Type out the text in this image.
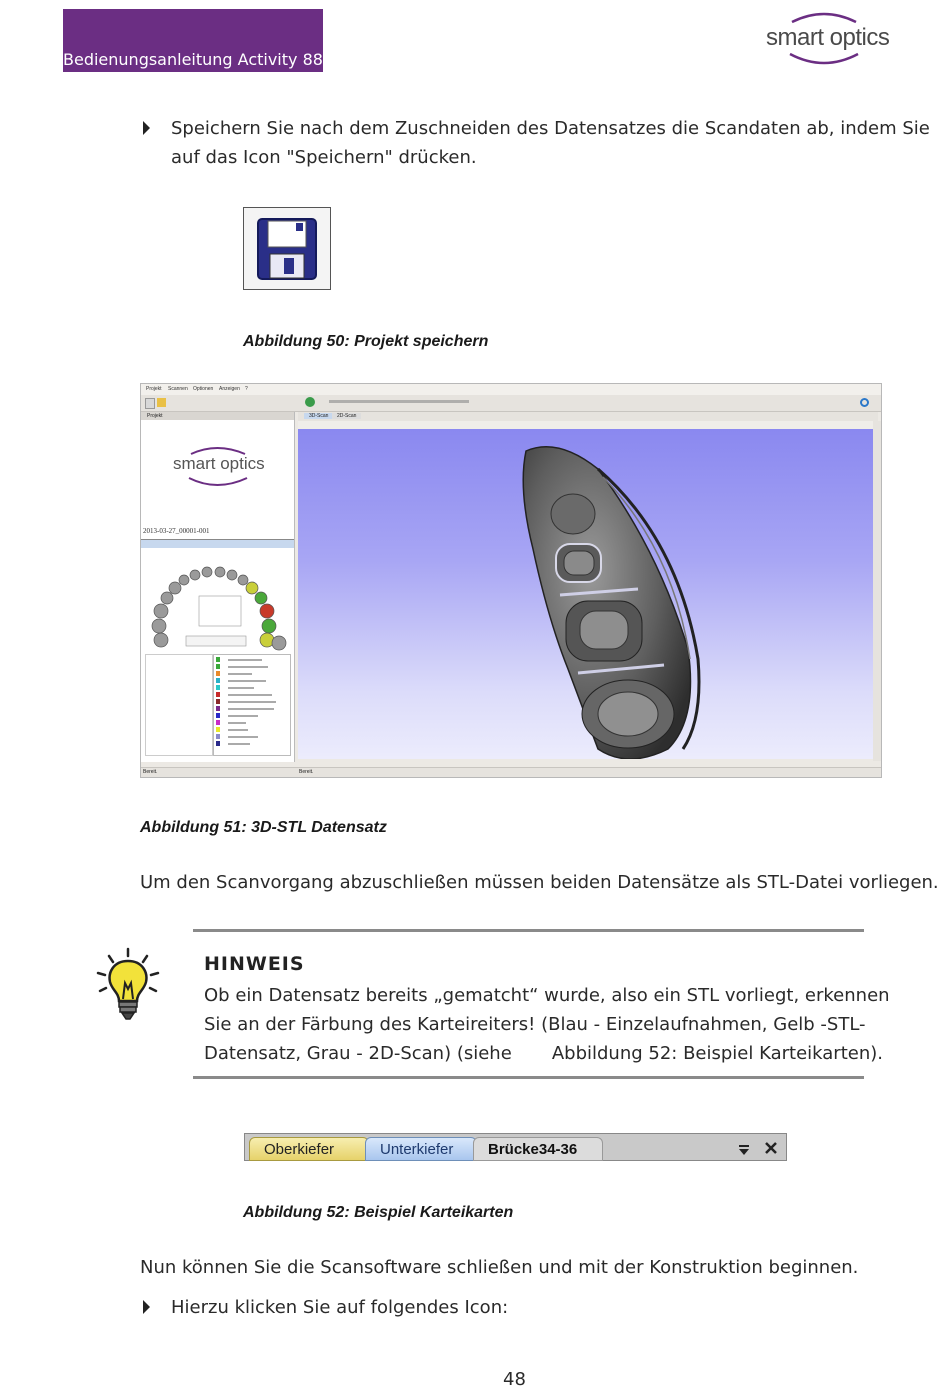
Bedienungsanleitung Activity 888
smart optics
Speichern Sie nach dem Zuschneiden des Datensatzes die Scandaten ab, indem Sie
auf das Icon "Speichern" drücken.
Abbildung 50: Projekt speichern
Projekt Scannen Optionen Anzeigen ?
Projekt
smart optics
2013-03-27_00001-001
3D-Scan	2D-Scan
Bereit.	Bereit.
Abbildung 51: 3D-STL Datensatz
Um den Scanvorgang abzuschließen müssen beiden Datensätze als STL-Datei vorliegen.
HINWEIS
Ob ein Datensatz bereits „gematcht“ wurde, also ein STL vorliegt, erkennen
Sie an der Färbung des Karteireiters! (Blau - Einzelaufnahmen, Gelb -STL-
Datensatz, Grau - 2D-Scan) (siehe       Abbildung 52: Beispiel Karteikarten).
Oberkiefer	Unterkiefer	Brücke34-36
Abbildung 52: Beispiel Karteikarten
Nun können Sie die Scansoftware schließen und mit der Konstruktion beginnen.
Hierzu klicken Sie auf folgendes Icon:
48
